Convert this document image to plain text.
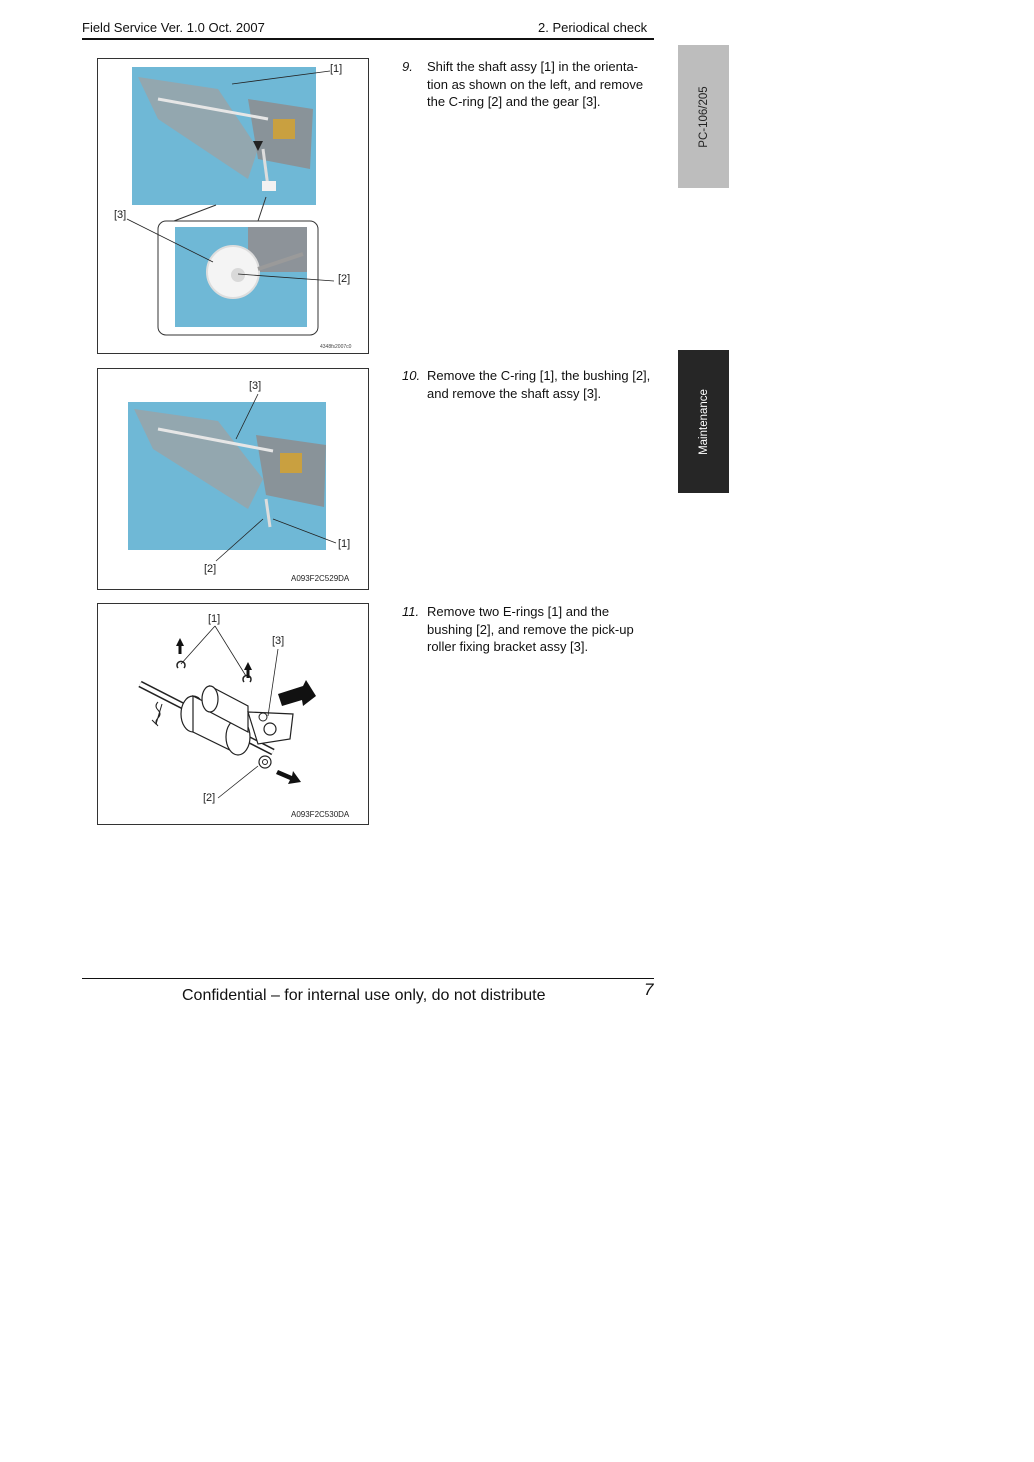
Field Service Ver. 1.0 Oct. 2007	2. Periodical check
PC-106/205
Maintenance
[1]
[3]
[2]
4348fs2007c0
[3]
[1]
[2]
A093F2C529DA
[1]
[3]
[2]
A093F2C530DA
9. Shift the shaft assy [1] in the orienta-tion as shown on the left, and remove the C-ring [2] and the gear [3].
10. Remove the C-ring [1], the bushing [2], and remove the shaft assy [3].
11. Remove two E-rings [1] and the bushing [2], and remove the pick-up roller fixing bracket assy [3].
Confidential – for internal use only, do not distribute	7
